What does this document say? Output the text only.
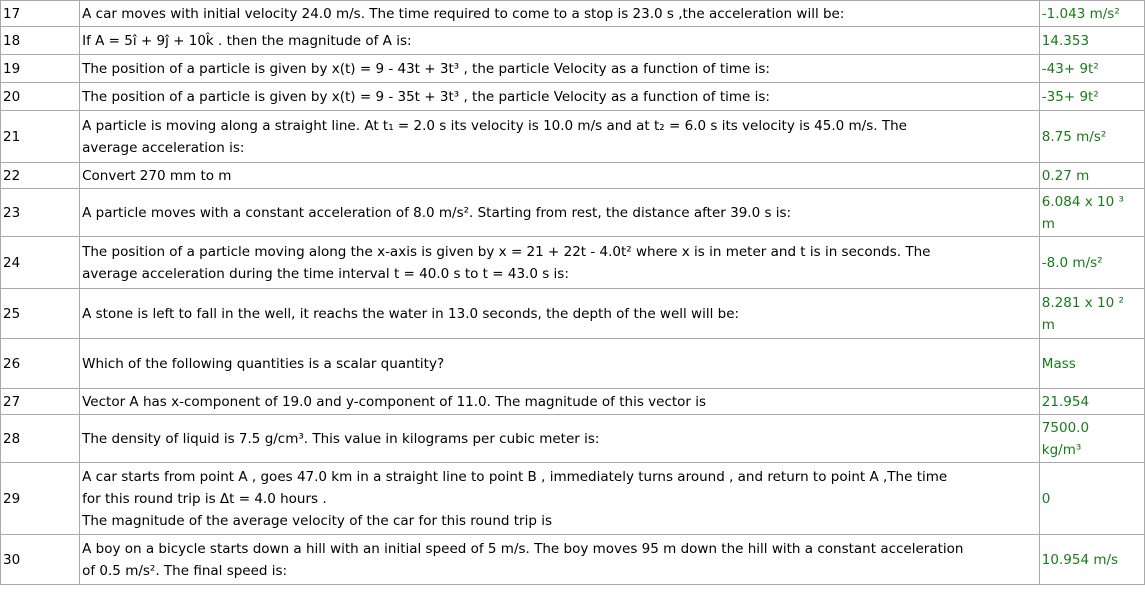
17	A car moves with initial velocity 24.0 m/s. The time required to come to a stop is 23.0 s ,the acceleration will be:	-1.043 m/s²
18	If A = 5î + 9ĵ + 10k̂ . then the magnitude of A is:	14.353
19	The position of a particle is given by x(t) = 9 - 43t + 3t³ , the particle Velocity as a function of time is:	-43+ 9t²
20	The position of a particle is given by x(t) = 9 - 35t + 3t³ , the particle Velocity as a function of time is:	-35+ 9t²
21	A particle is moving along a straight line. At t₁ = 2.0 s its velocity is 10.0 m/s and at t₂ = 6.0 s its velocity is 45.0 m/s. The
average acceleration is:	8.75 m/s²
22	Convert 270 mm to m	0.27 m
23	A particle moves with a constant acceleration of 8.0 m/s². Starting from rest, the distance after 39.0 s is:	6.084 x 10 ³
m

24	The position of a particle moving along the x-axis is given by x = 21 + 22t - 4.0t² where x is in meter and t is in seconds. The
average acceleration during the time interval t = 40.0 s to t = 43.0 s is:	-8.0 m/s²
25	A stone is left to fall in the well, it reachs the water in 13.0 seconds, the depth of the well will be:	8.281 x 10 ²
m

26	Which of the following quantities is a scalar quantity?	Mass
27	Vector A has x-component of 19.0 and y-component of 11.0. The magnitude of this vector is	21.954
28	The density of liquid is 7.5 g/cm³. This value in kilograms per cubic meter is:	7500.0
kg/m³

29	A car starts from point A , goes 47.0 km in a straight line to point B , immediately turns around , and return to point A ,The time
for this round trip is Δt = 4.0 hours .
The magnitude of the average velocity of the car for this round trip is	0
30	A boy on a bicycle starts down a hill with an initial speed of 5 m/s. The boy moves 95 m down the hill with a constant acceleration
of 0.5 m/s². The final speed is:	10.954 m/s
